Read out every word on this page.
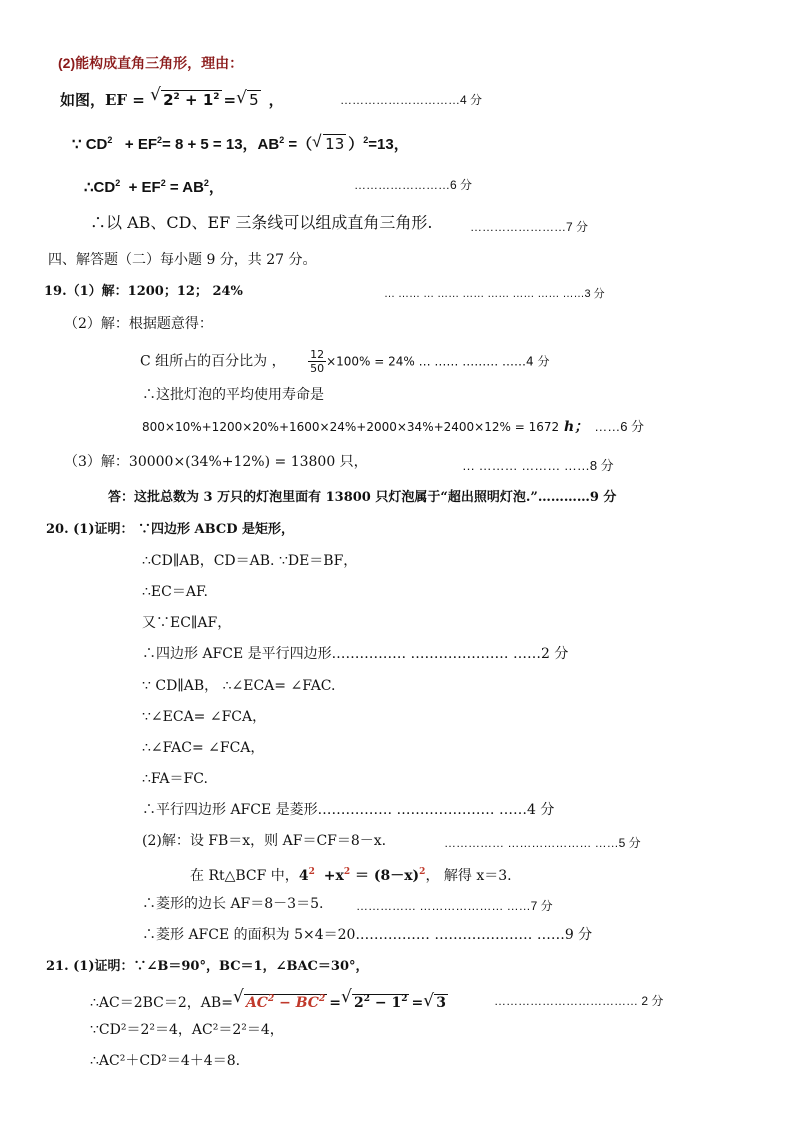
(2)能构成直角三角形，理由：
如图，EF = √ $2^2 + 1^2$ = √ 5 ，	…………………………4 分
∵ $CD^2 + EF^2= 8 + 5 = 13$，$AB^2$ =（ √ 13 ）$^2$=13，
$\therefore CD^2 + EF^2 = AB^2$，	……………………6 分
∴以 AB、CD、EF 三条线可以组成直角三角形.	……………………7 分
四、解答题（二）每小题 9 分，共 27 分。
19.（1）解：1200；12； 24%	… …… … …… …… …… …… …… ……3 分
（2）解：根据题意得：
C 组所占的百分比为 ， $\frac{12}{50} \times 100\% = 24\%$ … …… ……… ……4 分
∴这批灯泡的平均使用寿命是
800×10%+1200×20%+1600×24%+2000×34%+2400×12% = 1672 h； ……6 分
（3）解：30000×(34%+12%) = 13800 只，	… ……… ……… ……8 分
答：这批总数为 3 万只的灯泡里面有 13800 只灯泡属于“超出照明灯泡.”…………9 分
20. (1)证明： ∵四边形 ABCD 是矩形，
∴CD∥AB，CD＝AB. ∵DE＝BF，
∴EC＝AF.
又∵EC∥AF，
∴四边形 AFCE 是平行四边形.…………… ………………… ……2 分
∵ CD∥AB， ∴∠ECA= ∠FAC.
∵∠ECA= ∠FCA，
∴∠FAC= ∠FCA，
∴FA＝FC.
∴平行四边形 AFCE 是菱形.…………… ………………… ……4 分
(2)解：设 FB＝x，则 AF＝CF＝8－x.	…………… ………………… ……5 分
在 Rt△BCF 中，$4^2 +x^2 = (8-x)^2$， 解得 x＝3.
∴菱形的边长 AF＝8－3＝5.	…………… ………………… ……7 分
∴菱形 AFCE 的面积为 5×4＝20.…………… ………………… ……9 分
21. (1)证明：∵∠B＝90°，BC＝1，∠BAC＝30°，
∴AC＝2BC＝2，AB= √ $AC^2 - BC^2$ = √ $2^2 - 1^2$ = √ 3	……………………………… 2 分
∵CD²＝2²＝4，AC²＝2²＝4，
∴AC²＋CD²＝4＋4＝8.
